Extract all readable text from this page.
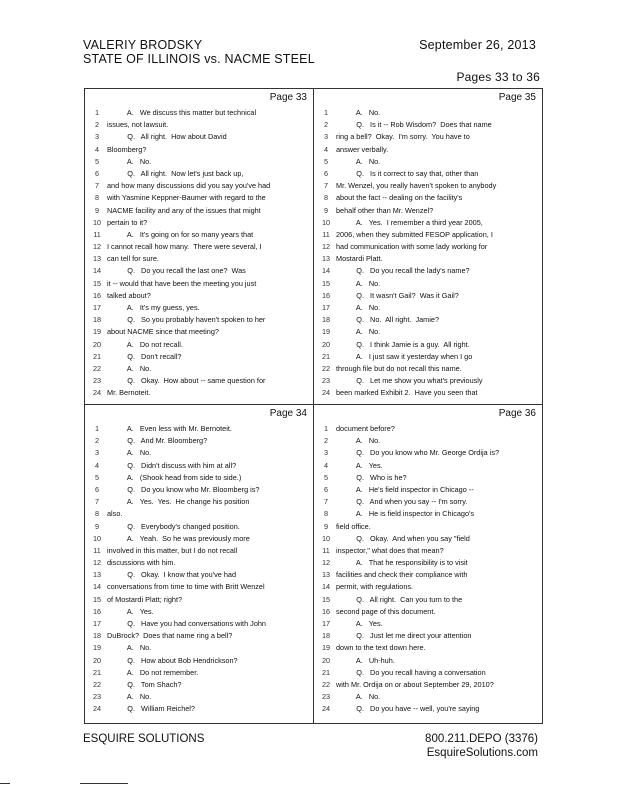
VALERIY BRODSKY
STATE OF ILLINOIS vs. NACME STEEL
September 26, 2013
Pages 33 to 36
Page 33
1	A.   We discuss this matter but technical
2	issues, not lawsuit.
3	Q.   All right.  How about David
4	Bloomberg?
5	A.   No.
6	Q.   All right.  Now let's just back up,
7	and how many discussions did you say you've had
8	with Yasmine Keppner-Baumer with regard to the
9	NACME facility and any of the issues that might
10 pertain to it?
11 A.   It's going on for so many years that
12 I cannot recall how many.  There were several, I
13 can tell for sure.
14 Q.   Do you recall the last one?  Was
15 it -- would that have been the meeting you just
16 talked about?
17 A.   It's my guess, yes.
18 Q.   So you probably haven't spoken to her
19 about NACME since that meeting?
20 A.   Do not recall.
21 Q.   Don't recall?
22 A.   No.
23 Q.   Okay.  How about -- same question for
24 Mr. Bernoteit.
Page 35
1	A.   No.
2	Q.   Is it -- Rob Wisdom?  Does that name
3	ring a bell?  Okay.  I'm sorry.  You have to
4	answer verbally.
5	A.   No.
6	Q.   Is it correct to say that, other than
7	Mr. Wenzel, you really haven't spoken to anybody
8	about the fact -- dealing on the facility's
9	behalf other than Mr. Wenzel?
10 A.   Yes.  I remember a third year 2005,
11 2006, when they submitted FESOP application, I
12 had communication with some lady working for
13 Mostardi Platt.
14 Q.   Do you recall the lady's name?
15 A.   No.
16 Q.   It wasn't Gail?  Was it Gail?
17 A.   No.
18 Q.   No.  All right.  Jamie?
19 A.   No.
20 Q.   I think Jamie is a guy.  All right.
21 A.   I just saw it yesterday when I go
22 through file but do not recall this name.
23 Q.   Let me show you what's previously
24 been marked Exhibit 2.  Have you seen that
Page 34
1	A.   Even less with Mr. Bernoteit.
2	Q.   And Mr. Bloomberg?
3	A.   No.
4	Q.   Didn't discuss with him at all?
5	A.   (Shook head from side to side.)
6	Q.   Do you know who Mr. Bloomberg is?
7	A.   Yes.  Yes.  He change his position
8	also.
9	Q.   Everybody's changed position.
10 A.   Yeah.  So he was previously more
11 involved in this matter, but I do not recall
12 discussions with him.
13 Q.   Okay.  I know that you've had
14 conversations from time to time with Britt Wenzel
15 of Mostardi Platt; right?
16 A.   Yes.
17 Q.   Have you had conversations with John
18 DuBrock?  Does that name ring a bell?
19 A.   No.
20 Q.   How about Bob Hendrickson?
21 A.   Do not remember.
22 Q.   Tom Shach?
23 A.   No.
24 Q.   William Reichel?
Page 36
1	document before?
2	A.   No.
3	Q.   Do you know who Mr. George Ordija is?
4	A.   Yes.
5	Q.   Who is he?
6	A.   He's field inspector in Chicago --
7	Q.   And when you say -- I'm sorry.
8	A.   He is field inspector in Chicago's
9	field office.
10 Q.   Okay.  And when you say "field
11 inspector," what does that mean?
12 A.   That he responsibility is to visit
13 facilities and check their compliance with
14 permit, with regulations.
15 Q.   All right.  Can you turn to the
16 second page of this document.
17 A.   Yes.
18 Q.   Just let me direct your attention
19 down to the text down here.
20 A.   Uh-huh.
21 Q.   Do you recall having a conversation
22 with Mr. Ordija on or about September 29, 2010?
23 A.   No.
24 Q.   Do you have -- well, you're saying
ESQUIRE SOLUTIONS	800.211.DEPO (3376)
EsquireSolutions.com
